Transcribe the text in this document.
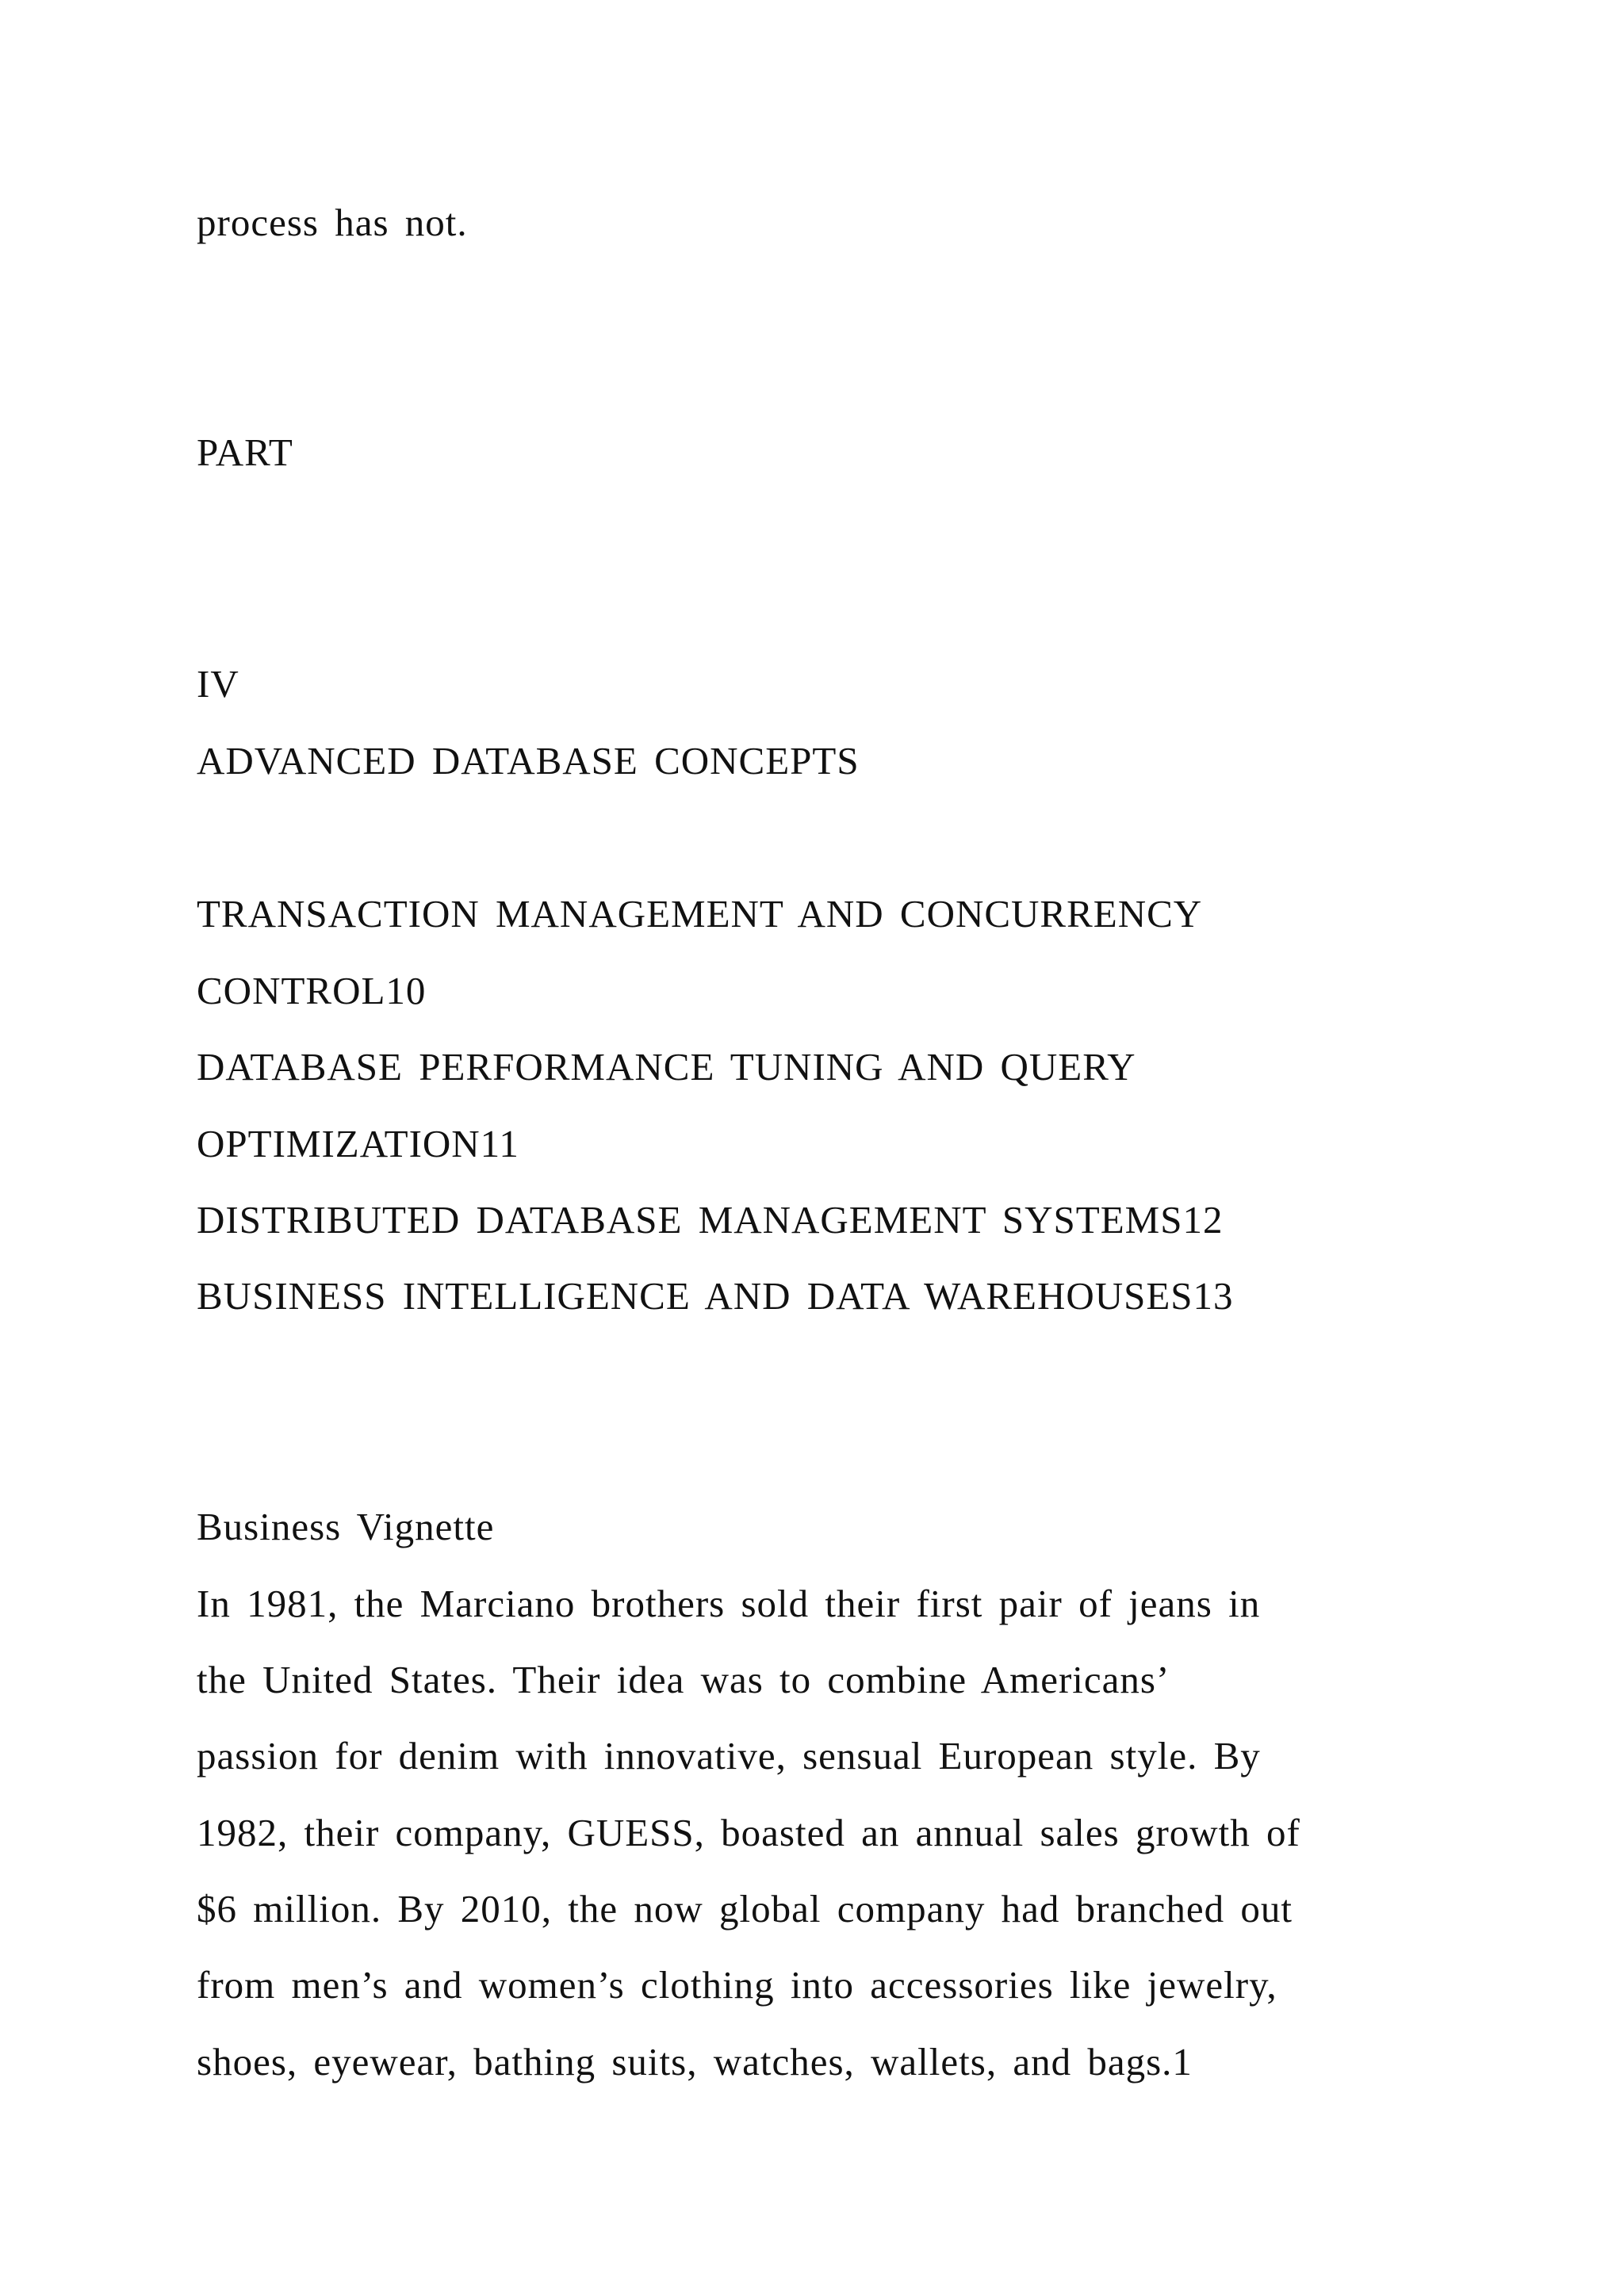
process has not.
PART
IV
ADVANCED DATABASE CONCEPTS
TRANSACTION MANAGEMENT AND CONCURRENCY
CONTROL10
DATABASE PERFORMANCE TUNING AND QUERY
OPTIMIZATION11
DISTRIBUTED DATABASE MANAGEMENT SYSTEMS12
BUSINESS INTELLIGENCE AND DATA WAREHOUSES13
Business Vignette
In 1981, the Marciano brothers sold their first pair of jeans in
the United States. Their idea was to combine Americans’
passion for denim with innovative, sensual European style. By
1982, their company, GUESS, boasted an annual sales growth of
$6 million. By 2010, the now global company had branched out
from men’s and women’s clothing into accessories like jewelry,
shoes, eyewear, bathing suits, watches, wallets, and bags.1
